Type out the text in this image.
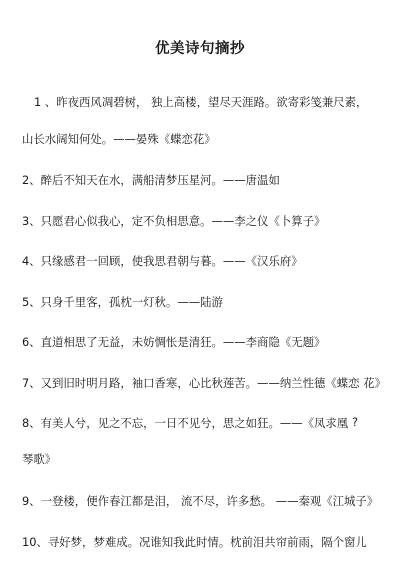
优美诗句摘抄
1 、昨夜西风凋碧树， 独上高楼，望尽天涯路。欲寄彩笺兼尺素，
山长水阔知何处。——晏殊《蝶恋花》
2、醉后不知天在水，满船清梦压星河。——唐温如
3、只愿君心似我心，定不负相思意。——李之仪《卜算子》
4、只缘感君一回顾，使我思君朝与暮。——《汉乐府》
5、只身千里客，孤枕一灯秋。——陆游
6、直道相思了无益，未妨惆怅是清狂。——李商隐《无题》
7、又到旧时明月路，袖口香寒，心比秋莲苦。——纳兰性德《蝶恋 花》
8、有美人兮，见之不忘，一日不见兮，思之如狂。——《凤求凰 ?
琴歌》
9、一登楼，便作春江都是泪， 流不尽，许多愁。 ——秦观《江城子》
10、寻好梦，梦难成。况谁知我此时情。枕前泪共帘前雨，隔个窗儿
